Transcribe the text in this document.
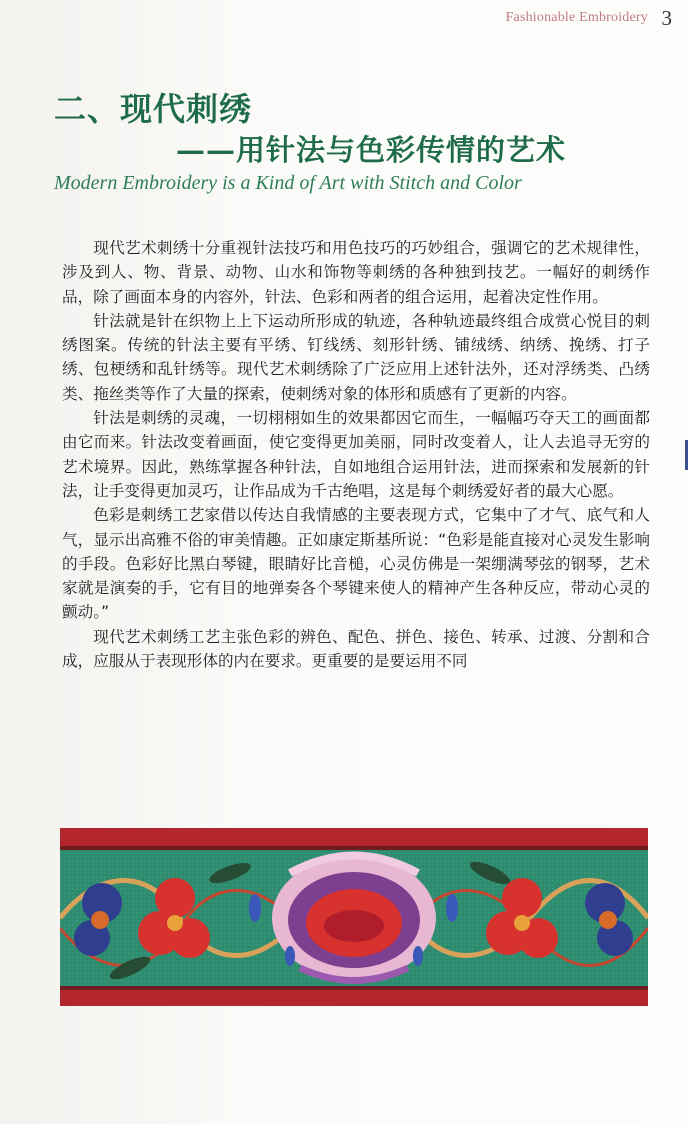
Fashionable Embroidery 3
二、现代刺绣
——用针法与色彩传情的艺术
Modern Embroidery is a Kind of Art with Stitch and Color

现代艺术刺绣十分重视针法技巧和用色技巧的巧妙组合，强调它的艺术规律性，涉及到人、物、背景、动物、山水和饰物等刺绣的各种独到技艺。一幅好的刺绣作品，除了画面本身的内容外，针法、色彩和两者的组合运用，起着决定性作用。

针法就是针在织物上上下运动所形成的轨迹，各种轨迹最终组合成赏心悦目的刺绣图案。传统的针法主要有平绣、钉线绣、刻形针绣、铺绒绣、纳绣、挽绣、打子绣、包梗绣和乱针绣等。现代艺术刺绣除了广泛应用上述针法外，还对浮绣类、凸绣类、拖丝类等作了大量的探索，使刺绣对象的体形和质感有了更新的内容。

针法是刺绣的灵魂，一切栩栩如生的效果都因它而生，一幅幅巧夺天工的画面都由它而来。针法改变着画面，使它变得更加美丽，同时改变着人，让人去追寻无穷的艺术境界。因此，熟练掌握各种针法，自如地组合运用针法，进而探索和发展新的针法，让手变得更加灵巧，让作品成为千古绝唱，这是每个刺绣爱好者的最大心愿。

色彩是刺绣工艺家借以传达自我情感的主要表现方式，它集中了才气、底气和人气，显示出高雅不俗的审美情趣。正如康定斯基所说：“色彩是能直接对心灵发生影响的手段。色彩好比黑白琴键，眼睛好比音槌，心灵仿佛是一架绷满琴弦的钢琴，艺术家就是演奏的手，它有目的地弹奏各个琴键来使人的精神产生各种反应，带动心灵的颤动。”

现代艺术刺绣工艺主张色彩的辨色、配色、拼色、接色、转承、过渡、分割和合成，应服从于表现形体的内在要求。更重要的是要运用不同
